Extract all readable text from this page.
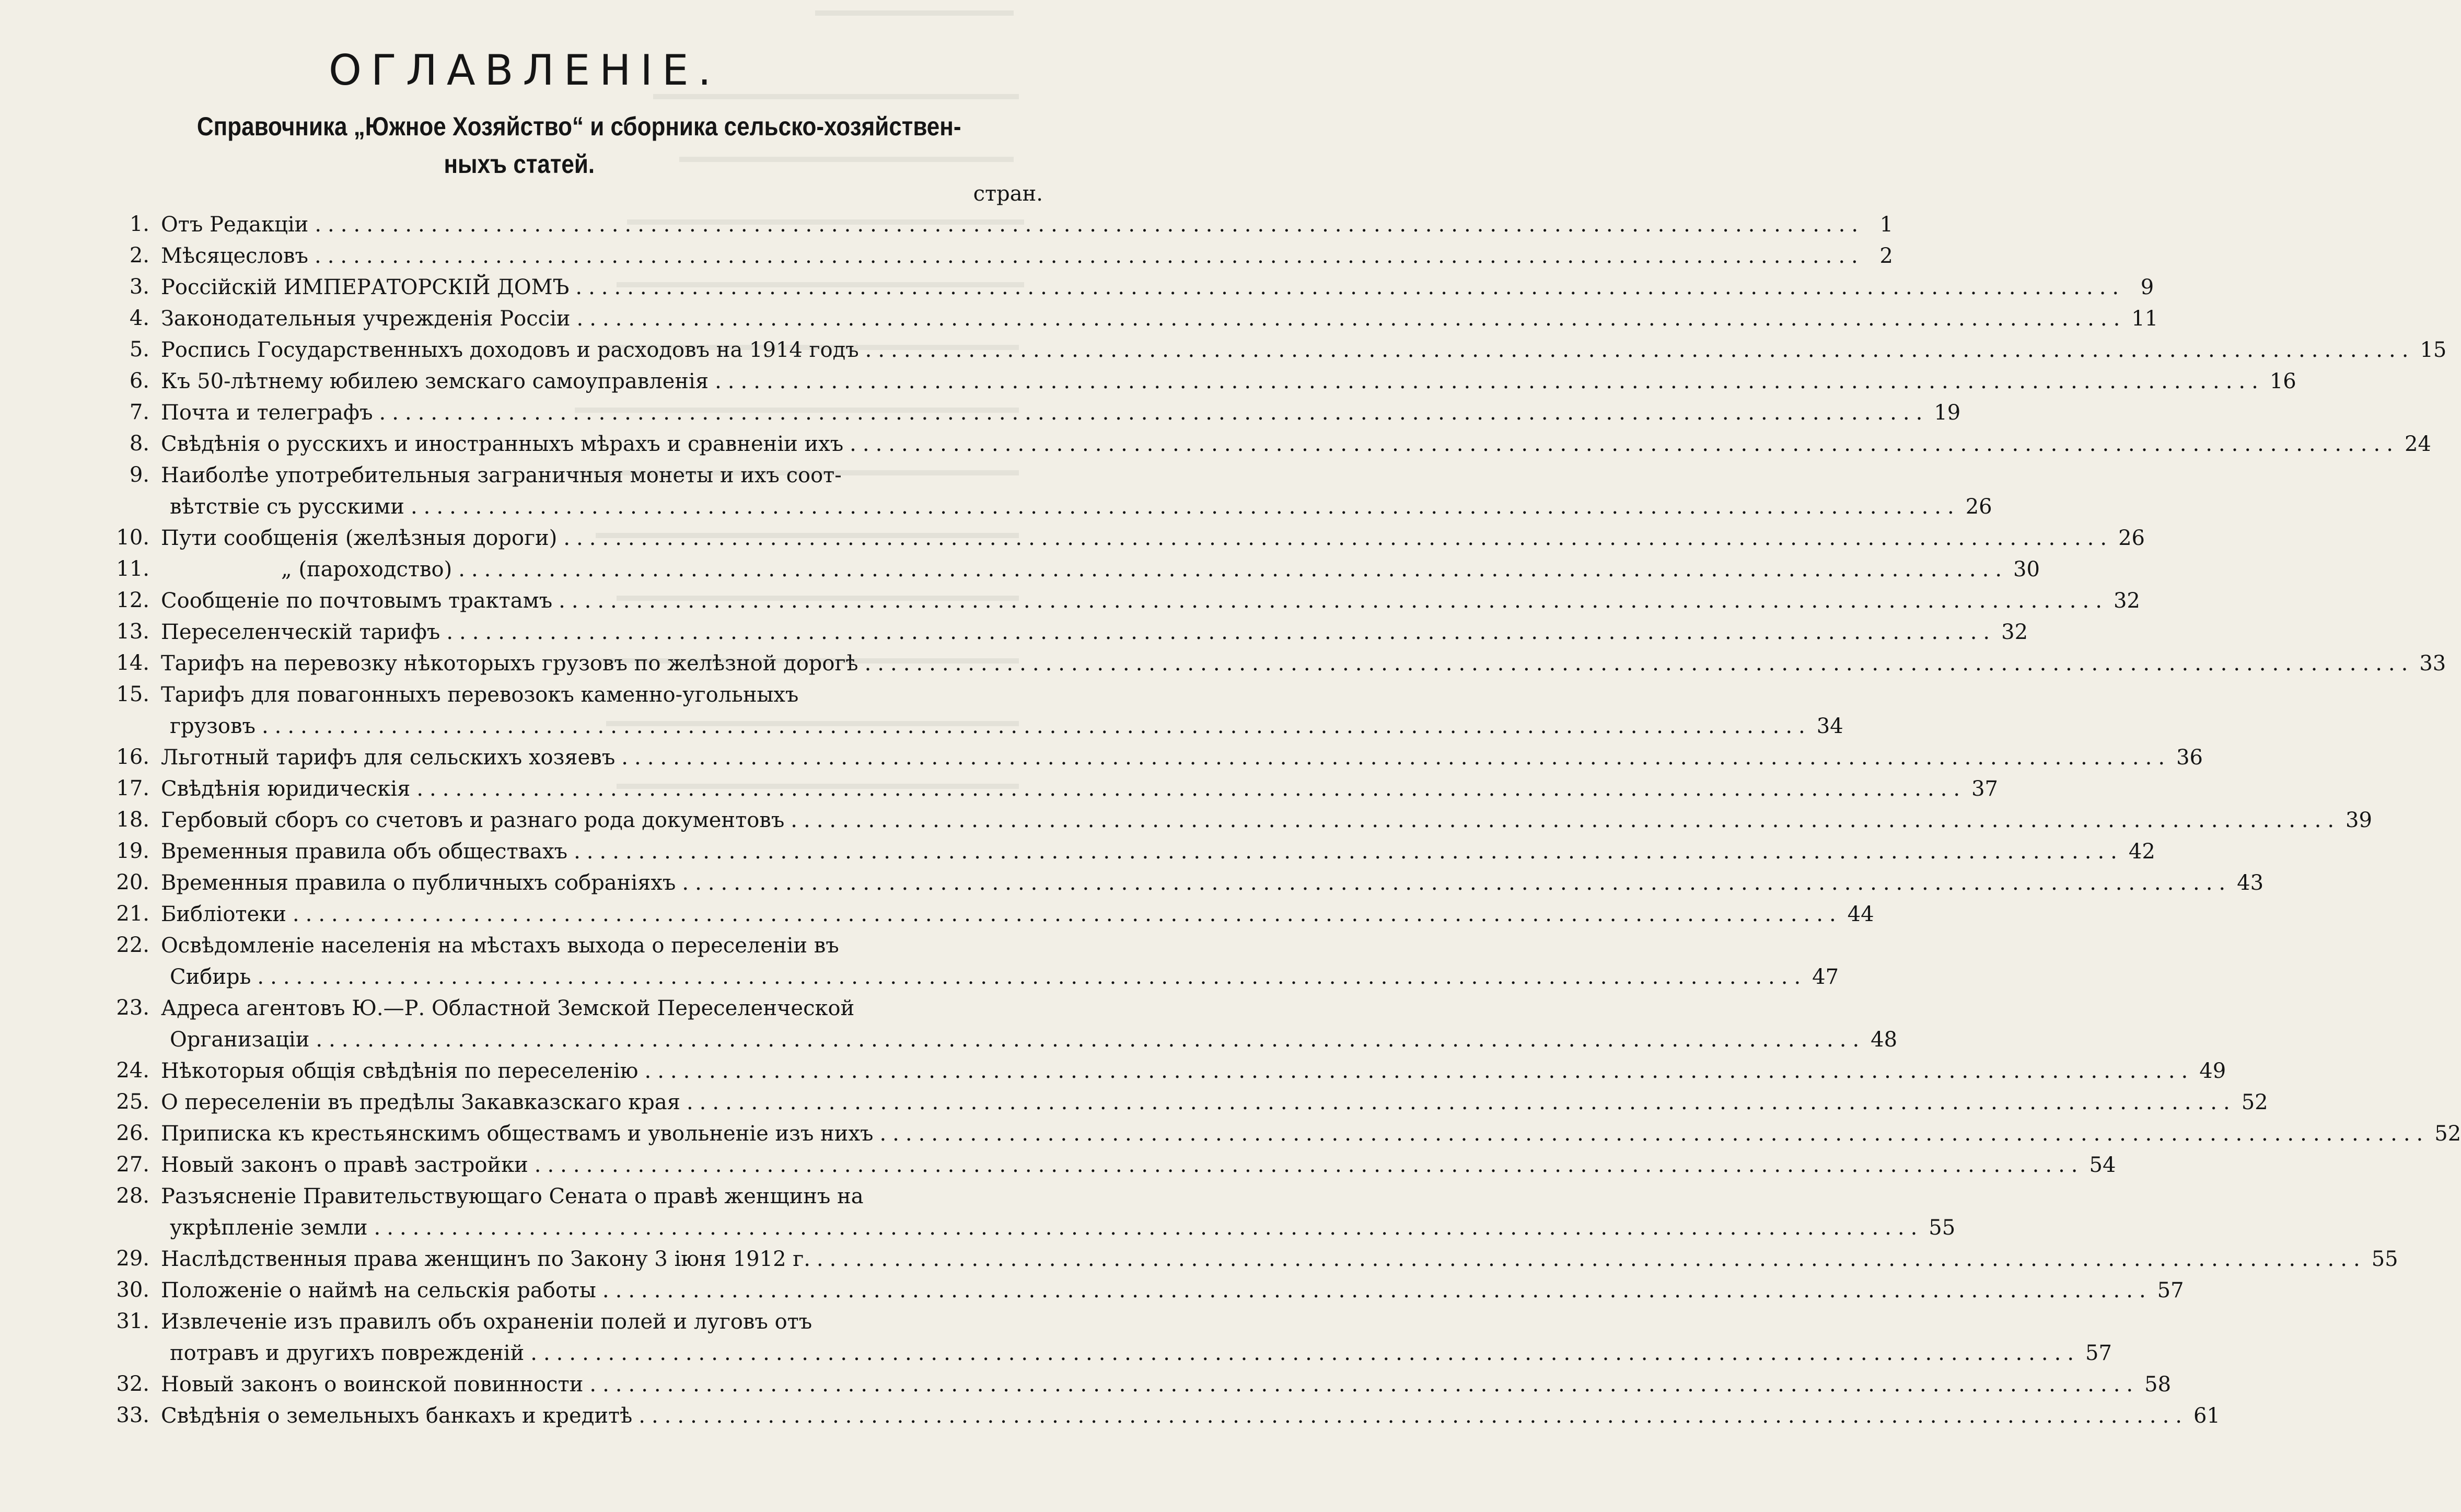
ОГЛАВЛЕНІЕ.
Справочника „Южное Хозяйство“ и сборника сельско-хозяйствен-
ныхъ статей.
стран.
1. Отъ Редакціи ........................................................................................................................ 1
2. Мѣсяцесловъ ........................................................................................................................ 2
3. Россійскій ИМПЕРАТОРСКІЙ ДОМЪ ........................................................................................................................ 9
4. Законодательныя учрежденія Россіи ........................................................................................................................ 11
5. Роспись Государственныхъ доходовъ и расходовъ на 1914 годъ ........................................................................................................................ 15
6. Къ 50-лѣтнему юбилею земскаго самоуправленія ........................................................................................................................ 16
7. Почта и телеграфъ ........................................................................................................................ 19
8. Свѣдѣнія о русскихъ и иностранныхъ мѣрахъ и сравненіи ихъ ........................................................................................................................ 24
9. Наиболѣе употребительныя заграничныя монеты и ихъ соот-
вѣтствіе съ русскими ........................................................................................................................ 26
10. Пути сообщенія (желѣзныя дороги) ........................................................................................................................ 26
11.	„ (пароходство) ........................................................................................................................ 30
12. Сообщеніе по почтовымъ трактамъ ........................................................................................................................ 32
13. Переселенческій тарифъ ........................................................................................................................ 32
14. Тарифъ на перевозку нѣкоторыхъ грузовъ по желѣзной дорогѣ ........................................................................................................................ 33
15. Тарифъ для повагонныхъ перевозокъ каменно-угольныхъ
грузовъ ........................................................................................................................ 34
16. Льготный тарифъ для сельскихъ хозяевъ ........................................................................................................................ 36
17. Свѣдѣнія юридическія ........................................................................................................................ 37
18. Гербовый сборъ со счетовъ и разнаго рода документовъ ........................................................................................................................ 39
19. Временныя правила объ обществахъ ........................................................................................................................ 42
20. Временныя правила о публичныхъ собраніяхъ ........................................................................................................................ 43
21. Библіотеки ........................................................................................................................ 44
22. Освѣдомленіе населенія на мѣстахъ выхода о переселеніи въ
Сибирь ........................................................................................................................ 47
23. Адреса агентовъ Ю.—Р. Областной Земской Переселенческой
Организаціи ........................................................................................................................ 48
24. Нѣкоторыя общія свѣдѣнія по переселенію ........................................................................................................................ 49
25. О переселеніи въ предѣлы Закавказскаго края ........................................................................................................................ 52
26. Приписка къ крестьянскимъ обществамъ и увольненіе изъ нихъ ........................................................................................................................ 52
27. Новый законъ о правѣ застройки ........................................................................................................................ 54
28. Разъясненіе Правительствующаго Сената о правѣ женщинъ на
укрѣпленіе земли ........................................................................................................................ 55
29. Наслѣдственныя права женщинъ по Закону 3 іюня 1912 г. ........................................................................................................................ 55
30. Положеніе о наймѣ на сельскія работы ........................................................................................................................ 57
31. Извлеченіе изъ правилъ объ охраненіи полей и луговъ отъ
потравъ и другихъ поврежденій ........................................................................................................................ 57
32. Новый законъ о воинской повинности ........................................................................................................................ 58
33. Свѣдѣнія о земельныхъ банкахъ и кредитѣ ........................................................................................................................ 61
